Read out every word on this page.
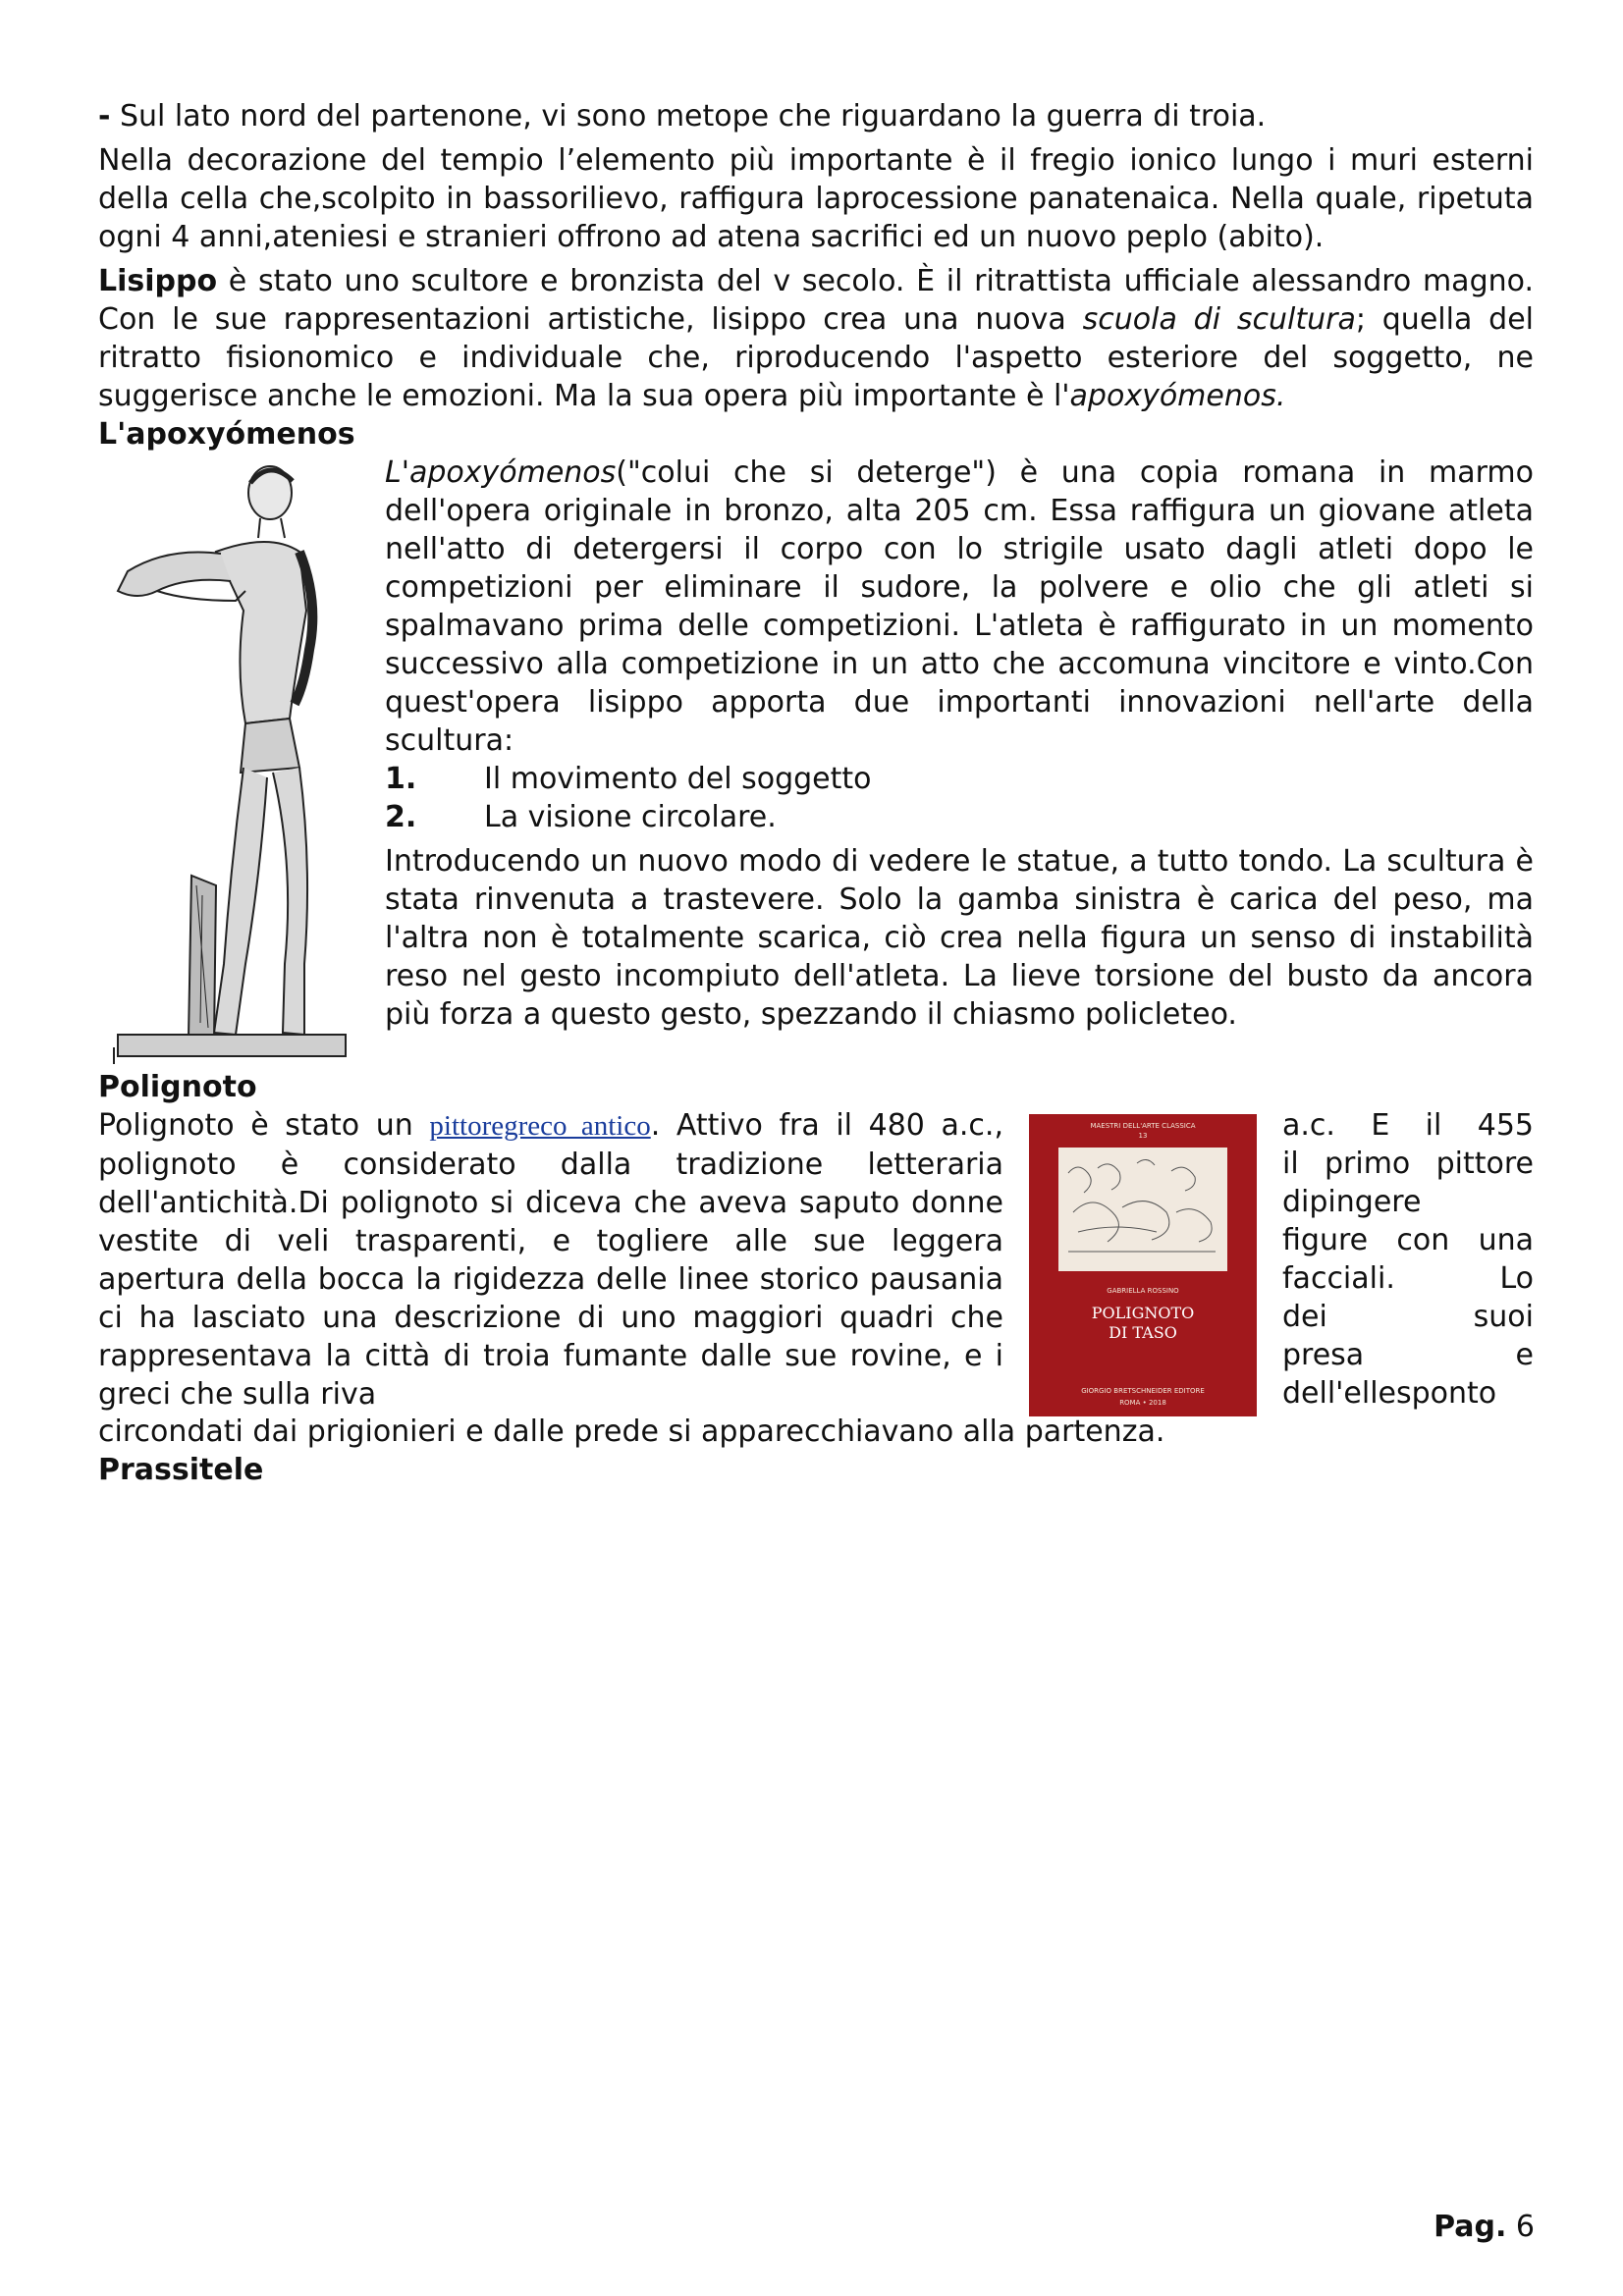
- Sul lato nord del partenone, vi sono metope che riguardano la guerra di troia.

Nella decorazione del tempio l’elemento più importante è il fregio ionico lungo i muri esterni della cella che,scolpito in bassorilievo, raffigura laprocessione panatenaica. Nella quale, ripetuta ogni 4 anni,ateniesi e stranieri offrono ad atena sacrifici ed un nuovo peplo (abito).

Lisippo è stato uno scultore e bronzista del v secolo. È il ritrattista ufficiale alessandro magno. Con le sue rappresentazioni artistiche, lisippo crea una nuova scuola di scultura; quella del ritratto fisionomico e individuale che, riproducendo l'aspetto esteriore del soggetto, ne suggerisce anche le emozioni. Ma la sua opera più importante è l'apoxyómenos.

L'apoxyómenos

L'apoxyómenos("colui che si deterge") è una copia romana in marmo dell'opera originale in bronzo, alta 205 cm. Essa raffigura un giovane atleta nell'atto di detergersi il corpo con lo strigile usato dagli atleti dopo le competizioni per eliminare il sudore, la polvere e olio che gli atleti si spalmavano prima delle competizioni. L'atleta è raffigurato in un momento successivo alla competizione in un atto che accomuna vincitore e vinto.Con quest'opera lisippo apporta due importanti innovazioni nell'arte della scultura:

1.	Il movimento del soggetto
2.	La visione circolare.

Introducendo un nuovo modo di vedere le statue, a tutto tondo. La scultura è stata rinvenuta a trastevere. Solo la gamba sinistra è carica del peso, ma l'altra non è totalmente scarica, ciò crea nella figura un senso di instabilità reso nel gesto incompiuto dell'atleta. La lieve torsione del busto da ancora più forza a questo gesto, spezzando il chiasmo policleteo.

Polignoto

Polignoto è stato un pittoregreco antico. Attivo fra il 480 a.c., polignoto è considerato dalla tradizione letteraria dell'antichità.Di polignoto si diceva che aveva saputo donne vestite di veli trasparenti, e togliere alle sue leggera apertura della bocca la rigidezza delle linee storico pausania ci ha lasciato una descrizione di uno maggiori quadri che rappresentava la città di troia fumante dalle sue rovine, e i greci che sulla riva

MAESTRI DELL'ARTE CLASSICA
13
GABRIELLA ROSSINO
POLIGNOTO
DI TASO
GIORGIO BRETSCHNEIDER EDITORE
ROMA • 2018

a.c. E il 455

il primo pittore

dipingere

figure con una

facciali. Lo

dei suoi

presa e

dell'ellesponto

circondati dai prigionieri e dalle prede si apparecchiavano alla partenza.

Prassitele

Pag. 6
